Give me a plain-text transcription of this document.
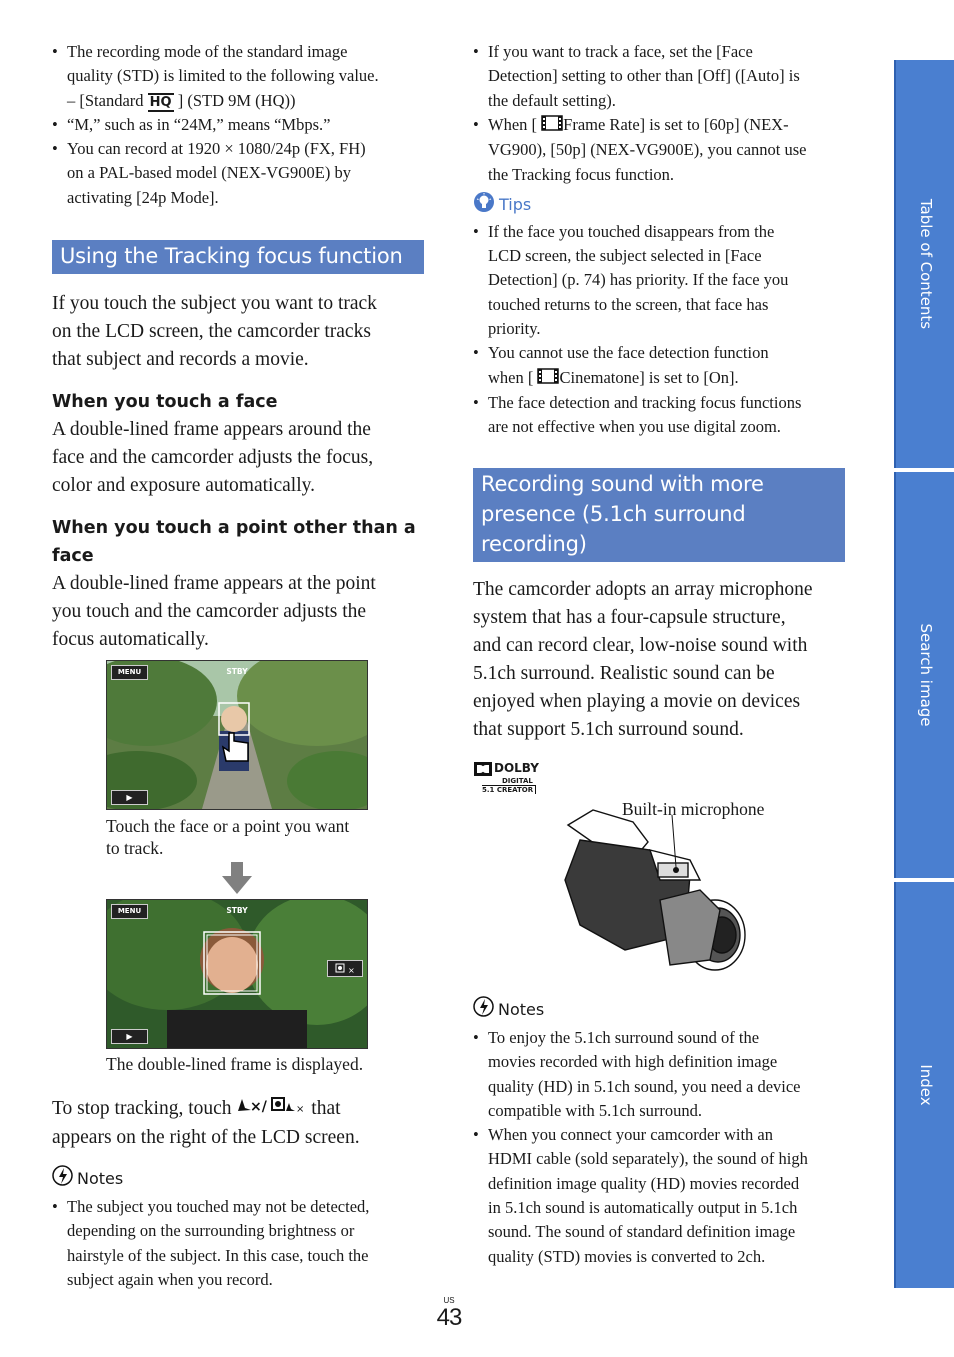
• The recording mode of the standard image
quality (STD) is limited to the following value.
– [Standard HQ ] (STD 9M (HQ))
• “M,” such as in “24M,” means “Mbps.”
• You can record at 1920 × 1080/24p (FX, FH)
on a PAL-based model (NEX-VG900E) by
activating [24p Mode].
Using the Tracking focus function
If you touch the subject you want to track
on the LCD screen, the camcorder tracks
that subject and records a movie.
When you touch a face
A double-lined frame appears around the
face and the camcorder adjusts the focus,
color and exposure automatically.
When you touch a point other than a
face
A double-lined frame appears at the point
you touch and the camcorder adjusts the
focus automatically.
MENU	STBY
▶
Touch the face or a point you want
to track.
MENU	STBY
×
▶
The double-lined frame is displayed.
To stop tracking, touch ×/	× that
appears on the right of the LCD screen.
Notes
• The subject you touched may not be detected,
depending on the surrounding brightness or
hairstyle of the subject. In this case, touch the
subject again when you record.
• If you want to track a face, set the [Face
Detection] setting to other than [Off] ([Auto] is
the default setting).
• When [ Frame Rate] is set to [60p] (NEX-
VG900), [50p] (NEX-VG900E), you cannot use
the Tracking focus function.
Tips
• If the face you touched disappears from the
LCD screen, the subject selected in [Face
Detection] (p. 74) has priority. If the face you
touched returns to the screen, that face has
priority.
• You cannot use the face detection function
when [ Cinematone] is set to [On].
• The face detection and tracking focus functions
are not effective when you use digital zoom.
Recording sound with more
presence (5.1ch surround
recording)
The camcorder adopts an array microphone
system that has a four-capsule structure,
and can record clear, low-noise sound with
5.1ch surround. Realistic sound can be
enjoyed when playing a movie on devices
that support 5.1ch surround sound.
DOLBY
DIGITAL
5.1 CREATOR
Built-in microphone
Notes
• To enjoy the 5.1ch surround sound of the
movies recorded with high definition image
quality (HD) in 5.1ch sound, you need a device
compatible with 5.1ch surround.
• When you connect your camcorder with an
HDMI cable (sold separately), the sound of high
definition image quality (HD) movies recorded
in 5.1ch sound is automatically output in 5.1ch
sound. The sound of standard definition image
quality (STD) movies is converted to 2ch.
Table of Contents
Search image
Index
US
43
